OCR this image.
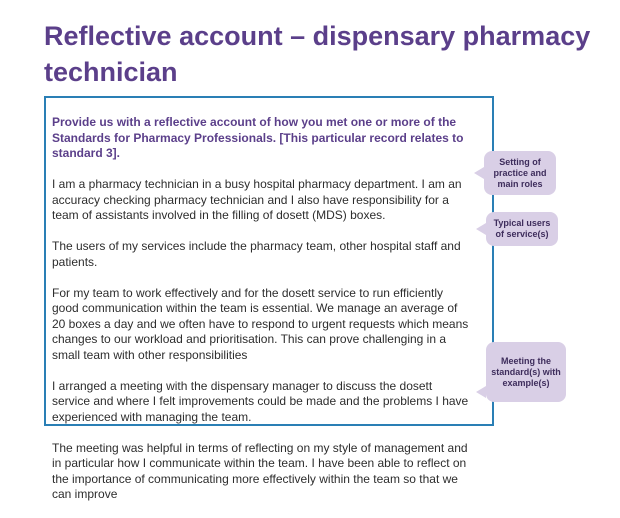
Reflective account – dispensary pharmacy technician

Provide us with a reflective account of how you met one or more of the Standards for Pharmacy Professionals. [This particular record relates to standard 3].

I am a pharmacy technician in a busy hospital pharmacy department. I am an accuracy checking pharmacy technician and I also have responsibility for a team of assistants involved in the filling of dosett (MDS) boxes.

The users of my services include the pharmacy team, other hospital staff and patients.

For my team to work effectively and for the dosett service to run efficiently good communication within the team is essential. We manage an average of 20 boxes a day and we often have to respond to urgent requests which means changes to our workload and prioritisation. This can prove challenging in a small team with other responsibilities

I arranged a meeting with the dispensary manager to discuss the dosett service and where I felt improvements could be made and the problems I have experienced with managing the team.

The meeting was helpful in terms of reflecting on my style of management and in particular how I communicate within the team. I have been able to reflect on the importance of communicating more effectively within the team so that we can improve

Setting of practice and main roles
Typical users of service(s)
Meeting the standard(s) with example(s)
